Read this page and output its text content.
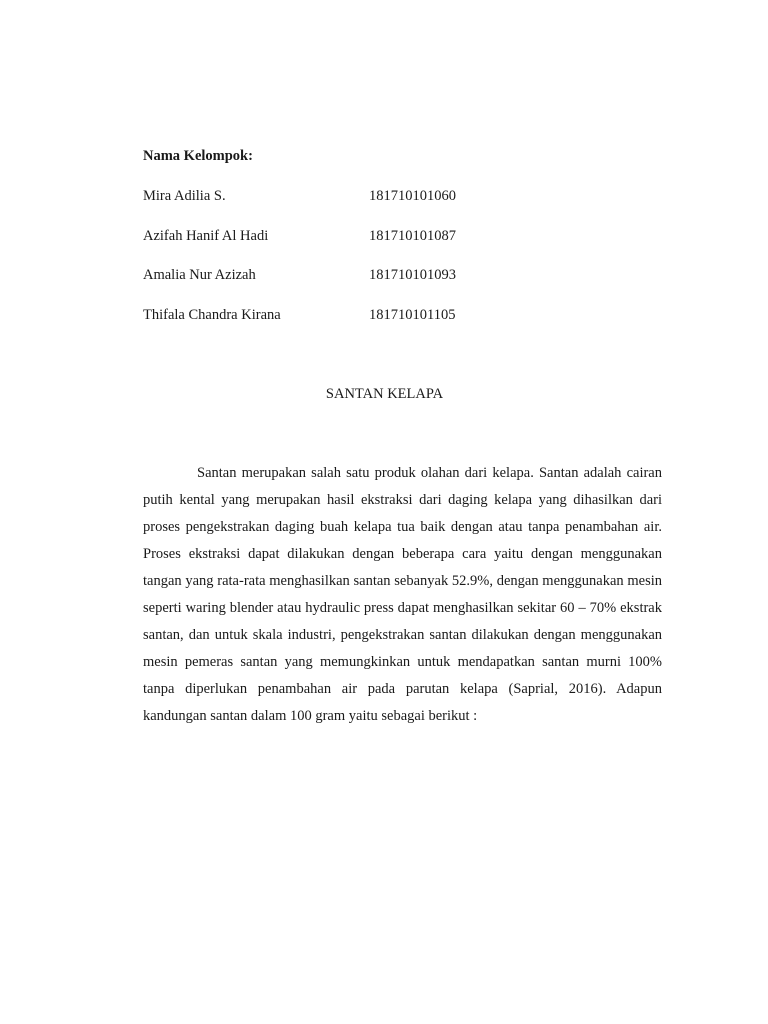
Nama Kelompok:
Mira Adilia S.	181710101060
Azifah Hanif Al Hadi	181710101087
Amalia Nur Azizah	181710101093
Thifala Chandra Kirana	181710101105
SANTAN KELAPA

Santan merupakan salah satu produk olahan dari kelapa. Santan adalah cairan putih kental yang merupakan hasil ekstraksi dari daging kelapa yang dihasilkan dari proses pengekstrakan daging buah kelapa tua baik dengan atau tanpa penambahan air. Proses ekstraksi dapat dilakukan dengan beberapa cara yaitu dengan menggunakan tangan yang rata-rata menghasilkan santan sebanyak 52.9%, dengan menggunakan mesin seperti waring blender atau hydraulic press dapat menghasilkan sekitar 60 – 70% ekstrak santan, dan untuk skala industri, pengekstrakan santan dilakukan dengan menggunakan mesin pemeras santan yang memungkinkan untuk mendapatkan santan murni 100% tanpa diperlukan penambahan air pada parutan kelapa (Saprial, 2016). Adapun kandungan santan dalam 100 gram yaitu sebagai berikut :
